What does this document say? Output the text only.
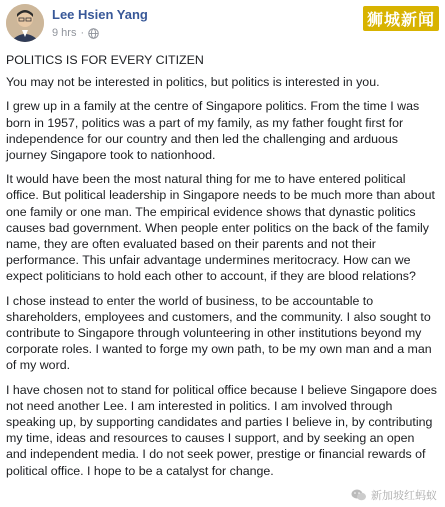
Lee Hsien Yang
9 hrs ·
狮城新闻

POLITICS IS FOR EVERY CITIZEN

You may not be interested in politics, but politics is interested in you.

I grew up in a family at the centre of Singapore politics. From the time I was born in 1957, politics was a part of my family, as my father fought first for independence for our country and then led the challenging and arduous journey Singapore took to nationhood.

It would have been the most natural thing for me to have entered political office. But political leadership in Singapore needs to be much more than about one family or one man. The empirical evidence shows that dynastic politics causes bad government. When people enter politics on the back of the family name, they are often evaluated based on their parents and not their performance. This unfair advantage undermines meritocracy. How can we expect politicians to hold each other to account, if they are blood relations?

I chose instead to enter the world of business, to be accountable to shareholders, employees and customers, and the community. I also sought to contribute to Singapore through volunteering in other institutions beyond my corporate roles. I wanted to forge my own path, to be my own man and a man of my word.

I have chosen not to stand for political office because I believe Singapore does not need another Lee. I am interested in politics. I am involved through speaking up, by supporting candidates and parties I believe in, by contributing my time, ideas and resources to causes I support, and by seeking an open and independent media. I do not seek power, prestige or financial rewards of political office. I hope to be a catalyst for change.

新加坡红蚂蚁
